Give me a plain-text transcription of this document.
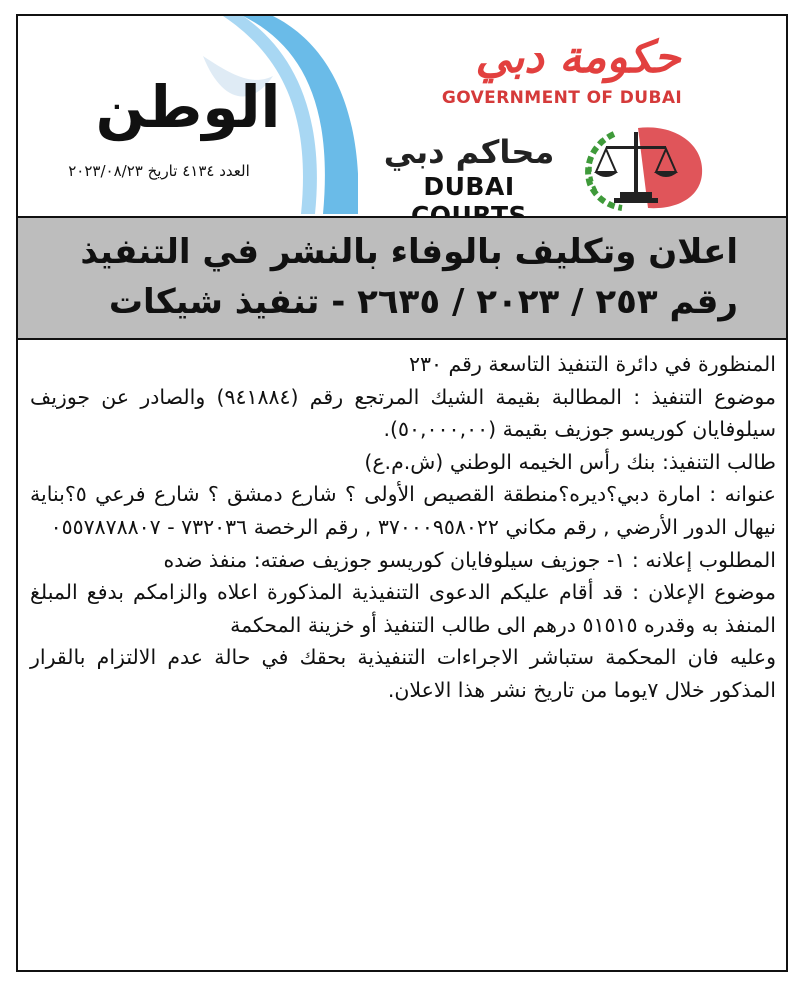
حكومة دبي
GOVERNMENT OF DUBAI
محاكم دبي
DUBAI
الوطن
العدد ٤١٣٤ تاريخ ٢٠٢٣/٠٨/٢٣
اعلان وتكليف بالوفاء بالنشر في التنفيذ
رقم ٢٥٣ / ٢٠٢٣ / ٢٦٣٥ - تنفيذ شيكات

المنظورة في دائرة التنفيذ التاسعة رقم ٢٣٠

موضوع التنفيذ : المطالبة بقيمة الشيك المرتجع رقم (٩٤١٨٨٤) والصادر عن جوزيف سيلوفايان كوريسو جوزيف بقيمة (٥٠,٠٠٠,٠٠).

طالب التنفيذ: بنك رأس الخيمه الوطني (ش.م.ع)

عنوانه : امارة دبي؟ديره؟منطقة القصيص الأولى ؟ شارع دمشق ؟ شارع فرعي ٥؟بناية نيهال الدور الأرضي , رقم مكاني ٣٧٠٠٠٩٥٨٠٢٢ , رقم الرخصة ٧٣٢٠٣٦ - ٠٥٥٧٨٧٨٨٠٧

المطلوب إعلانه : ١- جوزيف سيلوفايان كوريسو جوزيف صفته: منفذ ضده

موضوع الإعلان : قد أقام عليكم الدعوى التنفيذية المذكورة اعلاه والزامكم بدفع المبلغ المنفذ به وقدره ٥١٥١٥ درهم الى طالب التنفيذ أو خزينة المحكمة

وعليه فان المحكمة ستباشر الاجراءات التنفيذية بحقك في حالة عدم الالتزام بالقرار المذكور خلال ٧يوما من تاريخ نشر هذا الاعلان.
